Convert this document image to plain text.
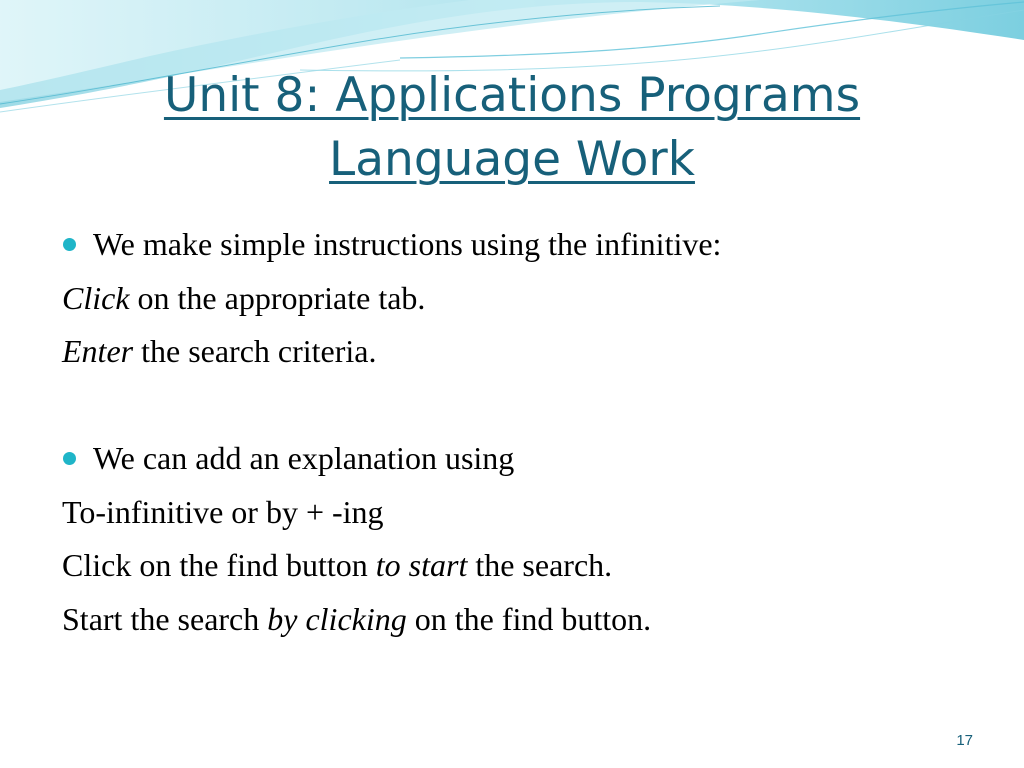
Unit 8: Applications Programs
Language Work
We make simple instructions using the infinitive:
Click on the appropriate tab.
Enter the search criteria.
We can add an explanation using
To-infinitive or by + -ing
Click on the find button to start the search.
Start the search by clicking on the find button.
17
